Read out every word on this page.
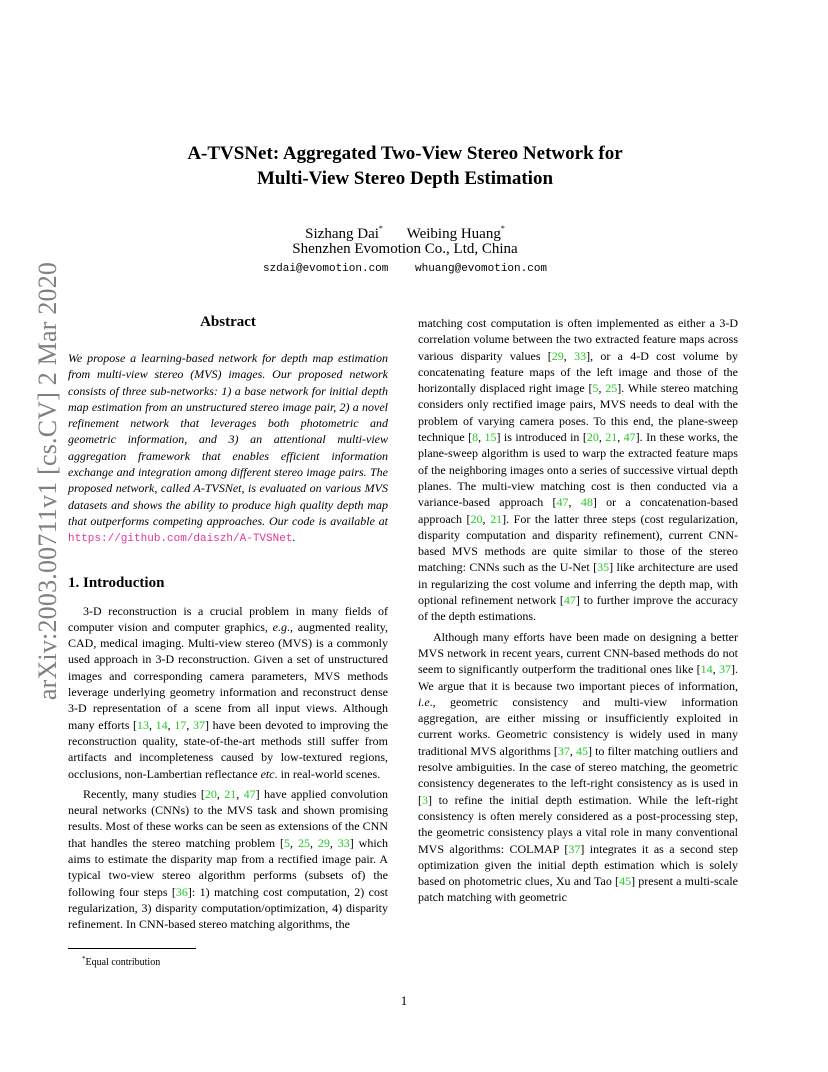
arXiv:2003.00711v1 [cs.CV] 2 Mar 2020
A-TVSNet: Aggregated Two-View Stereo Network for
Multi-View Stereo Depth Estimation
Sizhang Dai* Weibing Huang*
Shenzhen Evomotion Co., Ltd, China
szdai@evomotion.com whuang@evomotion.com
Abstract

We propose a learning-based network for depth map estimation from multi-view stereo (MVS) images. Our proposed network consists of three sub-networks: 1) a base network for initial depth map estimation from an unstructured stereo image pair, 2) a novel refinement network that leverages both photometric and geometric information, and 3) an attentional multi-view aggregation framework that enables efficient information exchange and integration among different stereo image pairs. The proposed network, called A-TVSNet, is evaluated on various MVS datasets and shows the ability to produce high quality depth map that outperforms competing approaches. Our code is available at https://github.com/daiszh/A-TVSNet.

1. Introduction

3-D reconstruction is a crucial problem in many fields of computer vision and computer graphics, e.g., augmented reality, CAD, medical imaging. Multi-view stereo (MVS) is a commonly used approach in 3-D reconstruction. Given a set of unstructured images and corresponding camera parameters, MVS methods leverage underlying geometry information and reconstruct dense 3-D representation of a scene from all input views. Although many efforts [13, 14, 17, 37] have been devoted to improving the reconstruction quality, state-of-the-art methods still suffer from artifacts and incompleteness caused by low-textured regions, occlusions, non-Lambertian reflectance etc. in real-world scenes.

Recently, many studies [20, 21, 47] have applied convolution neural networks (CNNs) to the MVS task and shown promising results. Most of these works can be seen as extensions of the CNN that handles the stereo matching problem [5, 25, 29, 33] which aims to estimate the disparity map from a rectified image pair. A typical two-view stereo algorithm performs (subsets of) the following four steps [36]: 1) matching cost computation, 2) cost regularization, 3) disparity computation/optimization, 4) disparity refinement. In CNN-based stereo matching algorithms, the

matching cost computation is often implemented as either a 3-D correlation volume between the two extracted feature maps across various disparity values [29, 33], or a 4-D cost volume by concatenating feature maps of the left image and those of the horizontally displaced right image [5, 25]. While stereo matching considers only rectified image pairs, MVS needs to deal with the problem of varying camera poses. To this end, the plane-sweep technique [8, 15] is introduced in [20, 21, 47]. In these works, the plane-sweep algorithm is used to warp the extracted feature maps of the neighboring images onto a series of successive virtual depth planes. The multi-view matching cost is then conducted via a variance-based approach [47, 48] or a concatenation-based approach [20, 21]. For the latter three steps (cost regularization, disparity computation and disparity refinement), current CNN-based MVS methods are quite similar to those of the stereo matching: CNNs such as the U-Net [35] like architecture are used in regularizing the cost volume and inferring the depth map, with optional refinement network [47] to further improve the accuracy of the depth estimations.

Although many efforts have been made on designing a better MVS network in recent years, current CNN-based methods do not seem to significantly outperform the traditional ones like [14, 37]. We argue that it is because two important pieces of information, i.e., geometric consistency and multi-view information aggregation, are either missing or insufficiently exploited in current works. Geometric consistency is widely used in many traditional MVS algorithms [37, 45] to filter matching outliers and resolve ambiguities. In the case of stereo matching, the geometric consistency degenerates to the left-right consistency as is used in [3] to refine the initial depth estimation. While the left-right consistency is often merely considered as a post-processing step, the geometric consistency plays a vital role in many conventional MVS algorithms: COLMAP [37] integrates it as a second step optimization given the initial depth estimation which is solely based on photometric clues, Xu and Tao [45] present a multi-scale patch matching with geometric

*Equal contribution
1
